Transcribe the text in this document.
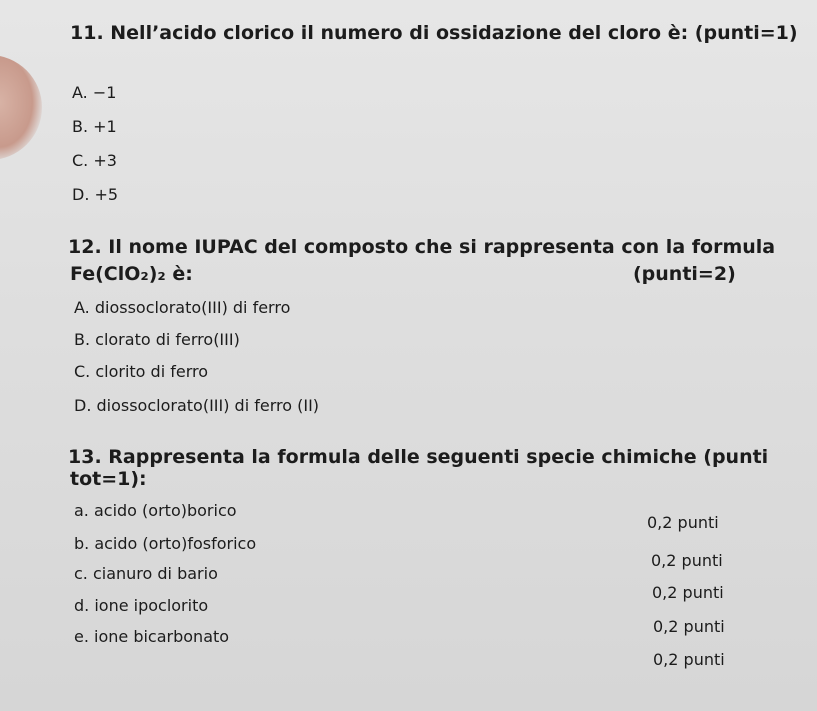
11. Nell’acido clorico il numero di ossidazione del cloro è: (punti=1)
A. −1
B. +1
C. +3
D. +5
12. Il nome IUPAC del composto che si rappresenta con la formula
Fe(ClO₂)₂ è:	(punti=2)
A. diossoclorato(III) di ferro
B. clorato di ferro(III)
C. clorito di ferro
D. diossoclorato(III) di ferro (II)
13. Rappresenta la formula delle seguenti specie chimiche (punti
tot=1):
a. acido (orto)borico
b. acido (orto)fosforico
c. cianuro di bario
d. ione ipoclorito
e. ione bicarbonato
0,2 punti
0,2 punti
0,2 punti
0,2 punti
0,2 punti
